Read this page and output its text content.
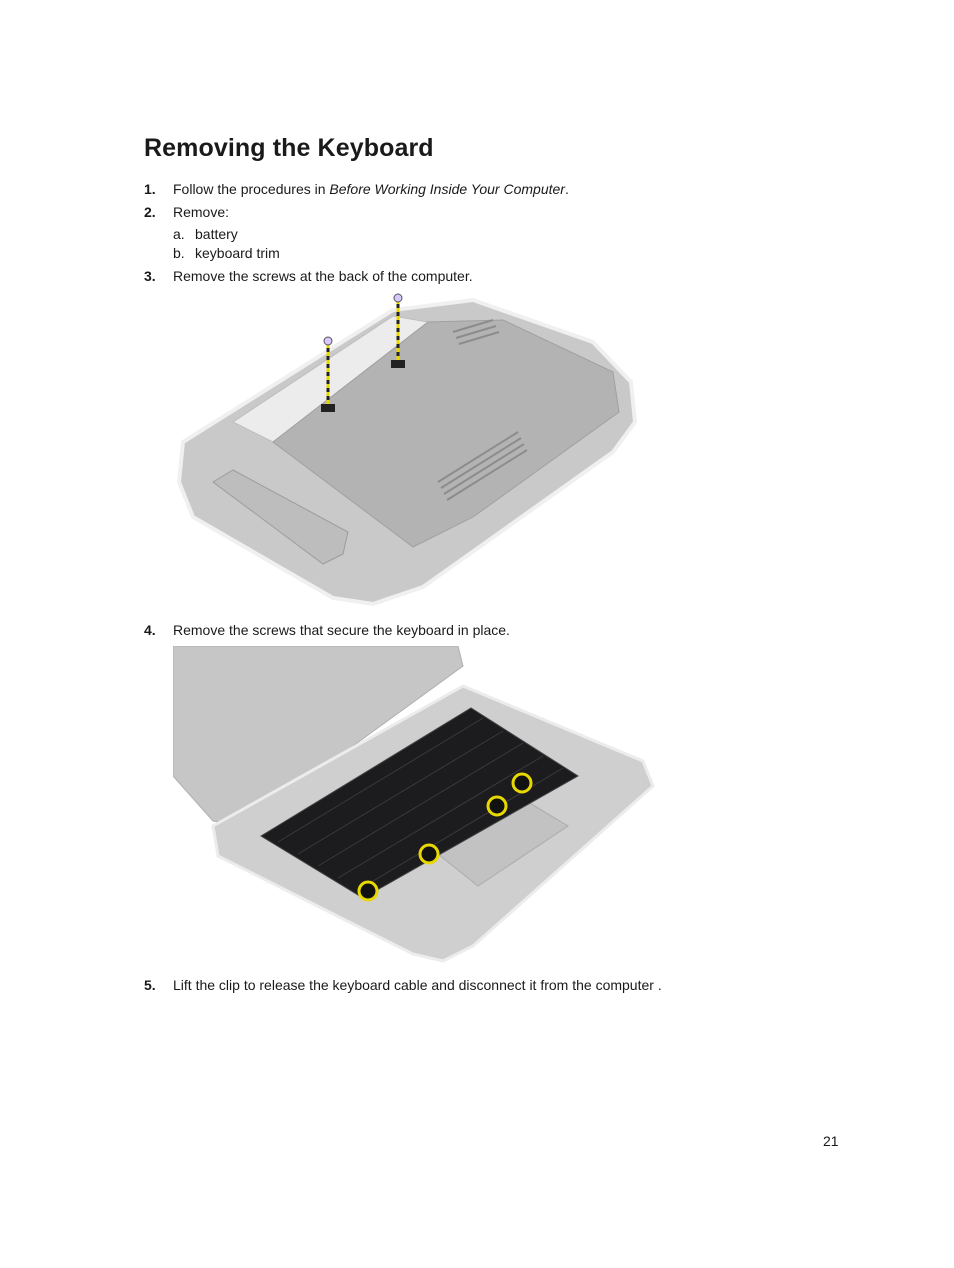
Removing the Keyboard
1.	Follow the procedures in Before Working Inside Your Computer.
2.	Remove:
a. battery
b. keyboard trim
3.	Remove the screws at the back of the computer.
4.	Remove the screws that secure the keyboard in place.
5.	Lift the clip to release the keyboard cable and disconnect it from the computer .
21
